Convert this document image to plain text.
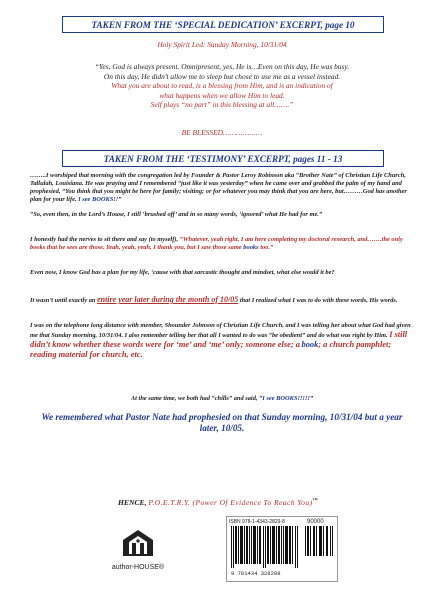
TAKEN FROM THE ‘SPECIAL DEDICATION’ EXCERPT, page 10
Holy Spirit Led: Sunday Morning, 10/31/04
“Yes, God is always present. Omnipresent, yes, He is…Even on this day, He was busy.
On this day, He didn’t allow me to sleep but chose to use me as a vessel instead.
What you are about to read, is a blessing from Him, and is an indication of
what happens when we allow Him to lead.
Self plays “no part” in this blessing at all…….”
BE BLESSED………………
TAKEN FROM THE ‘TESTIMONY’ EXCERPT, pages 11 - 13
……..I worshiped that morning with the congregation led by Founder & Pastor Leroy Robinson aka “Brother Nate” of Christian Life Church, Tallulah, Louisiana. He was praying and I remembered “just like it was yesterday” when he came over and grabbed the palm of my hand and prophesied, “You think that you might be here for family; visiting; or for whatever you may think that you are here, but………God has another plan for your life. I see BOOKS!!”
“So, even then, in the Lord’s House, I still ‘brushed off’ and in so many words, ‘ignored’ what He had for me.”
I honestly had the nerves to sit there and say (to myself), “Whatever, yeah right, I am here completing my doctoral research, and…….the only books that he sees are those. Yeah, yeah, yeah, I thank you, but I saw those same books too.”
Even now, I know God has a plan for my life, ‘cause with that sarcastic thought and mindset, what else would it be?
It wasn’t until exactly an entire year later during the month of 10/05 that I realized what I was to do with these words, His words.
I was on the telephone long distance with member, Shounder Johnson of Christian Life Church, and I was telling her about what God had given me that Sunday morning, 10/31/04. I also remember telling her that all I wanted to do was “be obedient” and do what was right by Him. I still didn’t know whether these words were for ‘me’ and ‘me’ only; someone else; a book; a church pamphlet; reading material for church, etc.
At the same time, we both had “chills” and said, “I see BOOKS!!!!!”
We remembered what Pastor Nate had prophesied on that Sunday morning, 10/31/04 but a year later, 10/05.
HENCE, P.O.E.T.R.Y. (Power Of Evidence To Reach You)™
author-HOUSE®
ISBN 978-1-4343-2829-8	90000
9 781434 328298
